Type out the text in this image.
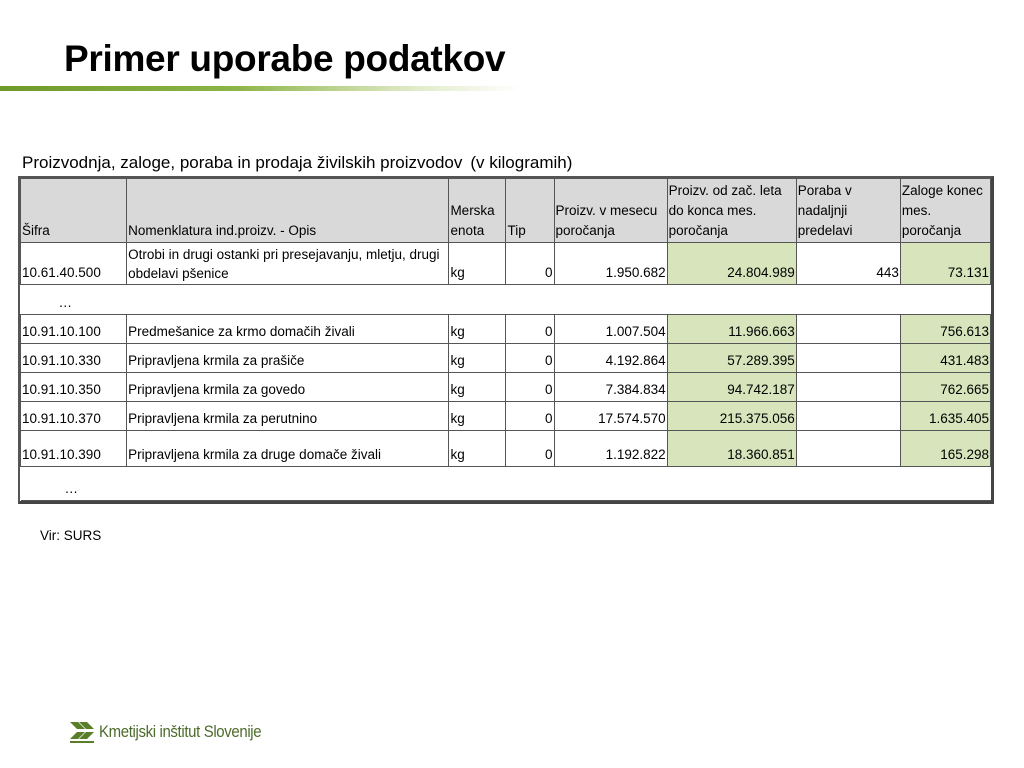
Primer uporabe podatkov
Proizvodnja, zaloge, poraba in prodaja živilskih proizvodov (v kilogramih)
Šifra	Nomenklatura ind.proizv. - Opis	Merska enota	Tip	Proizv. v mesecu poročanja	Proizv. od zač. leta do konca mes. poročanja	Poraba v nadaljnji predelavi	Zaloge konec mes. poročanja
10.61.40.500	Otrobi in drugi ostanki pri presejavanju, mletju, drugi obdelavi pšenice	kg	0	1.950.682	24.804.989	443	73.131
…							
10.91.10.100	Predmešanice za krmo domačih živali	kg	0	1.007.504	11.966.663		756.613
10.91.10.330	Pripravljena krmila za prašiče	kg	0	4.192.864	57.289.395		431.483
10.91.10.350	Pripravljena krmila za govedo	kg	0	7.384.834	94.742.187		762.665
10.91.10.370	Pripravljena krmila za perutnino	kg	0	17.574.570	215.375.056		1.635.405
10.91.10.390	Pripravljena krmila za druge domače živali	kg	0	1.192.822	18.360.851		165.298
…							
Vir: SURS
Kmetijski inštitut Slovenije
